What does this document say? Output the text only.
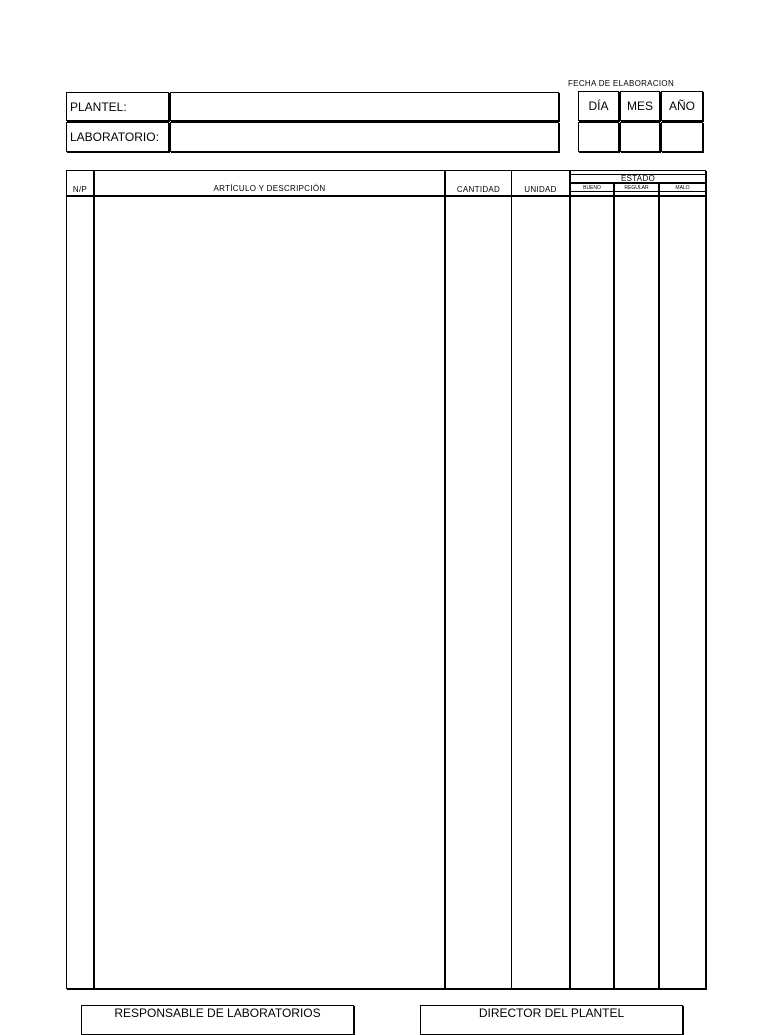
PLANTEL:
LABORATORIO:
FECHA DE ELABORACION
DÍA MES AÑO
N/P	ARTÍCULO Y DESCRIPCIÓN	CANTIDAD	UNIDAD
ESTADO
BUENO	REGULAR	MALO
RESPONSABLE DE LABORATORIOS	DIRECTOR DEL PLANTEL
